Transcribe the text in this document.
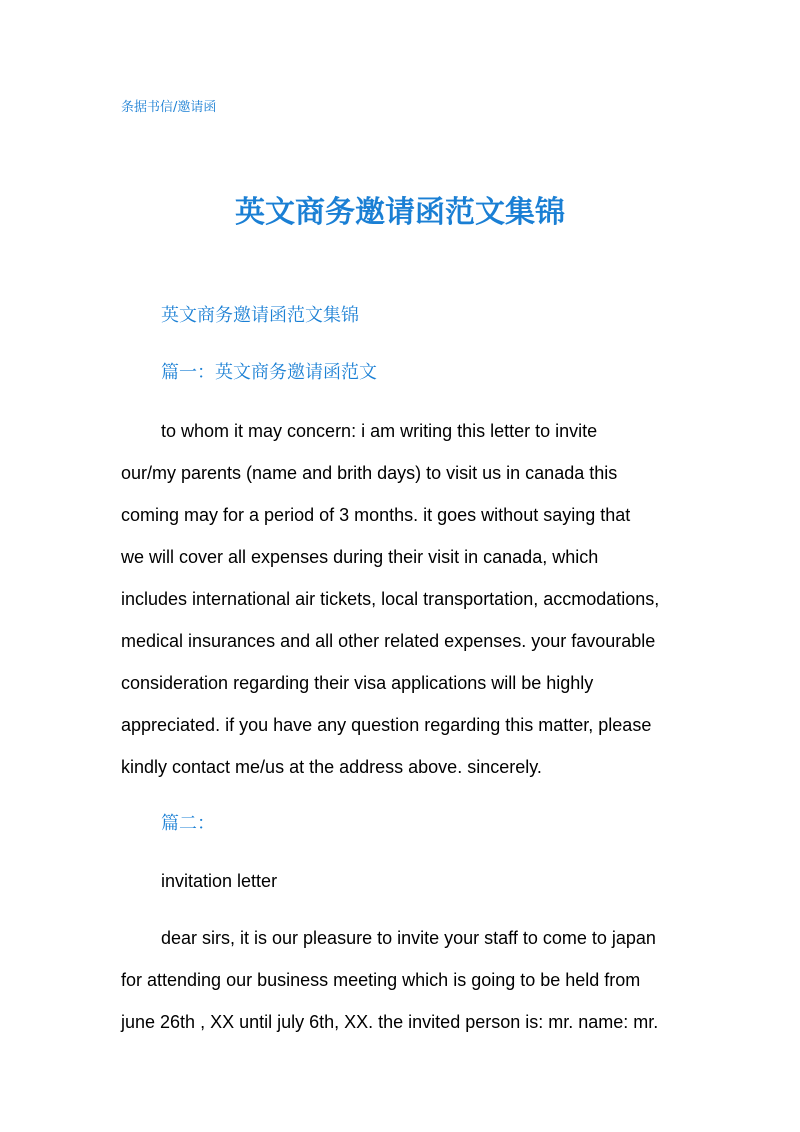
条据书信/邀请函
英文商务邀请函范文集锦
英文商务邀请函范文集锦
篇一：英文商务邀请函范文
to whom it may concern: i am writing this letter to invite
our/my parents (name and brith days) to visit us in canada this
coming may for a period of 3 months. it goes without saying that
we will cover all expenses during their visit in canada, which
includes international air tickets, local transportation, accmodations,
medical insurances and all other related expenses. your favourable
consideration regarding their visa applications will be highly
appreciated. if you have any question regarding this matter, please
kindly contact me/us at the address above. sincerely.
篇二：
invitation letter
dear sirs, it is our pleasure to invite your staff to come to japan
for attending our business meeting which is going to be held from
june 26th , XX until july 6th, XX. the invited person is: mr. name: mr.
